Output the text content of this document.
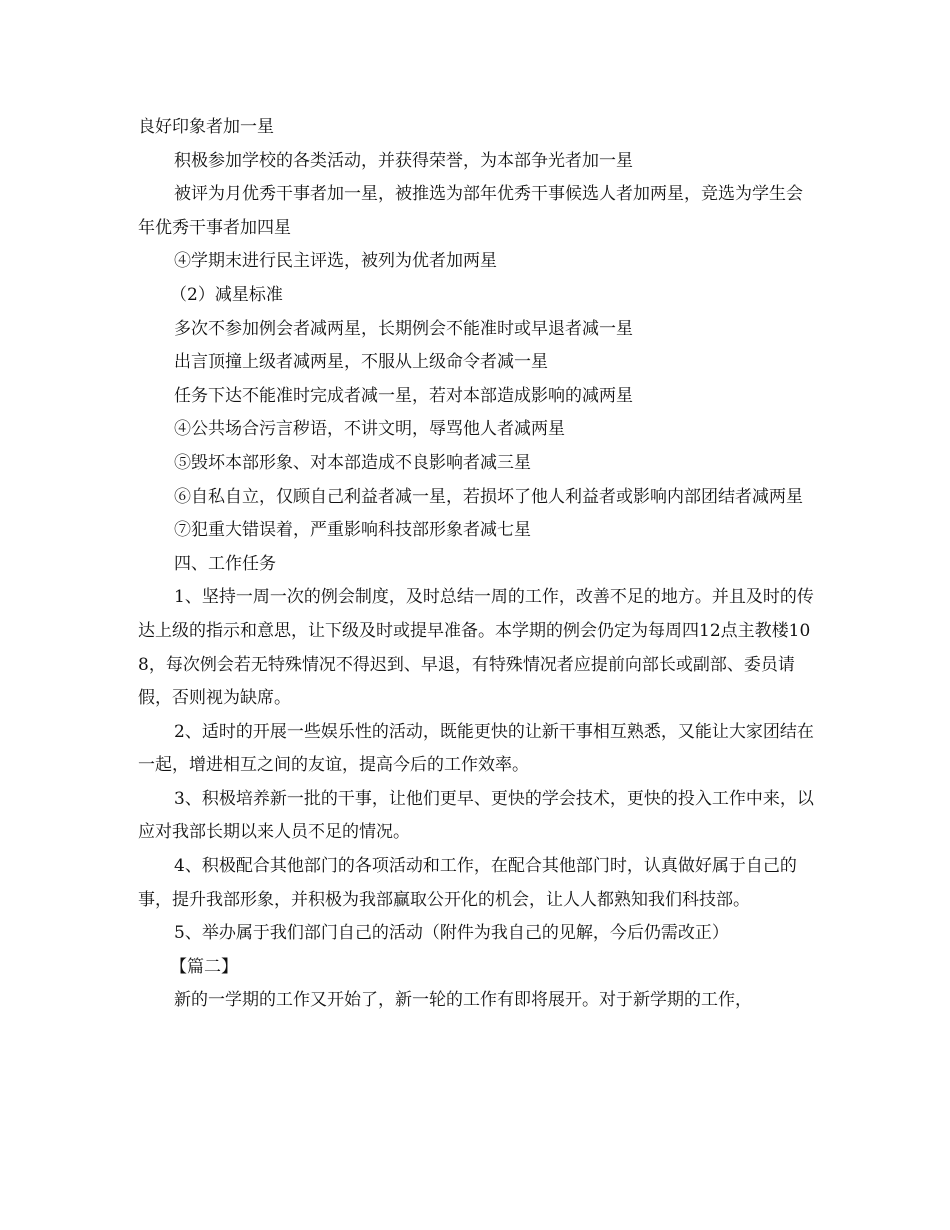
良好印象者加一星

积极参加学校的各类活动，并获得荣誉，为本部争光者加一星

被评为月优秀干事者加一星，被推选为部年优秀干事候选人者加两星，竞选为学生会年优秀干事者加四星

④学期末进行民主评选，被列为优者加两星

（2）减星标准

多次不参加例会者减两星，长期例会不能准时或早退者减一星

出言顶撞上级者减两星，不服从上级命令者减一星

任务下达不能准时完成者减一星，若对本部造成影响的减两星

④公共场合污言秽语，不讲文明，辱骂他人者减两星

⑤毁坏本部形象、对本部造成不良影响者减三星

⑥自私自立，仅顾自己利益者减一星，若损坏了他人利益者或影响内部团结者减两星

⑦犯重大错误着，严重影响科技部形象者减七星

四、工作任务

1、坚持一周一次的例会制度，及时总结一周的工作，改善不足的地方。并且及时的传达上级的指示和意思，让下级及时或提早准备。本学期的例会仍定为每周四12点主教楼108，每次例会若无特殊情况不得迟到、早退，有特殊情况者应提前向部长或副部、委员请假，否则视为缺席。

2、适时的开展一些娱乐性的活动，既能更快的让新干事相互熟悉，又能让大家团结在一起，增进相互之间的友谊，提高今后的工作效率。

3、积极培养新一批的干事，让他们更早、更快的学会技术，更快的投入工作中来，以应对我部长期以来人员不足的情况。

4、积极配合其他部门的各项活动和工作，在配合其他部门时，认真做好属于自己的事，提升我部形象，并积极为我部赢取公开化的机会，让人人都熟知我们科技部。

5、举办属于我们部门自己的活动（附件为我自己的见解，今后仍需改正）

【篇二】

新的一学期的工作又开始了，新一轮的工作有即将展开。对于新学期的工作，
